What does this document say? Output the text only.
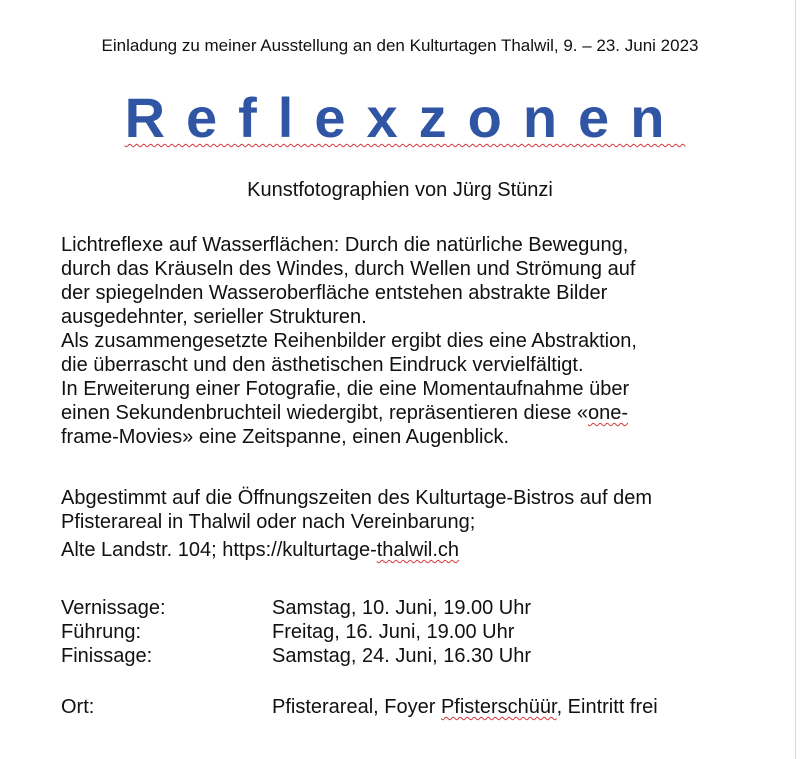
Einladung zu meiner Ausstellung an den Kulturtagen Thalwil, 9. – 23. Juni 2023
Reflexzonen
Kunstfotographien von Jürg Stünzi
Lichtreflexe auf Wasserflächen: Durch die natürliche Bewegung,
durch das Kräuseln des Windes, durch Wellen und Strömung auf
der spiegelnden Wasseroberfläche entstehen abstrakte Bilder
ausgedehnter, serieller Strukturen.
Als zusammengesetzte Reihenbilder ergibt dies eine Abstraktion,
die überrascht und den ästhetischen Eindruck vervielfältigt.
In Erweiterung einer Fotografie, die eine Momentaufnahme über
einen Sekundenbruchteil wiedergibt, repräsentieren diese «one-
frame-Movies» eine Zeitspanne, einen Augenblick.
Abgestimmt auf die Öffnungszeiten des Kulturtage-Bistros auf dem
Pfisterareal in Thalwil oder nach Vereinbarung;
Alte Landstr. 104; https://kulturtage-thalwil.ch
Vernissage:	Samstag, 10. Juni, 19.00 Uhr
Führung:	Freitag, 16. Juni, 19.00 Uhr
Finissage:	Samstag, 24. Juni, 16.30 Uhr
Ort:	Pfisterareal, Foyer Pfisterschüür, Eintritt frei
